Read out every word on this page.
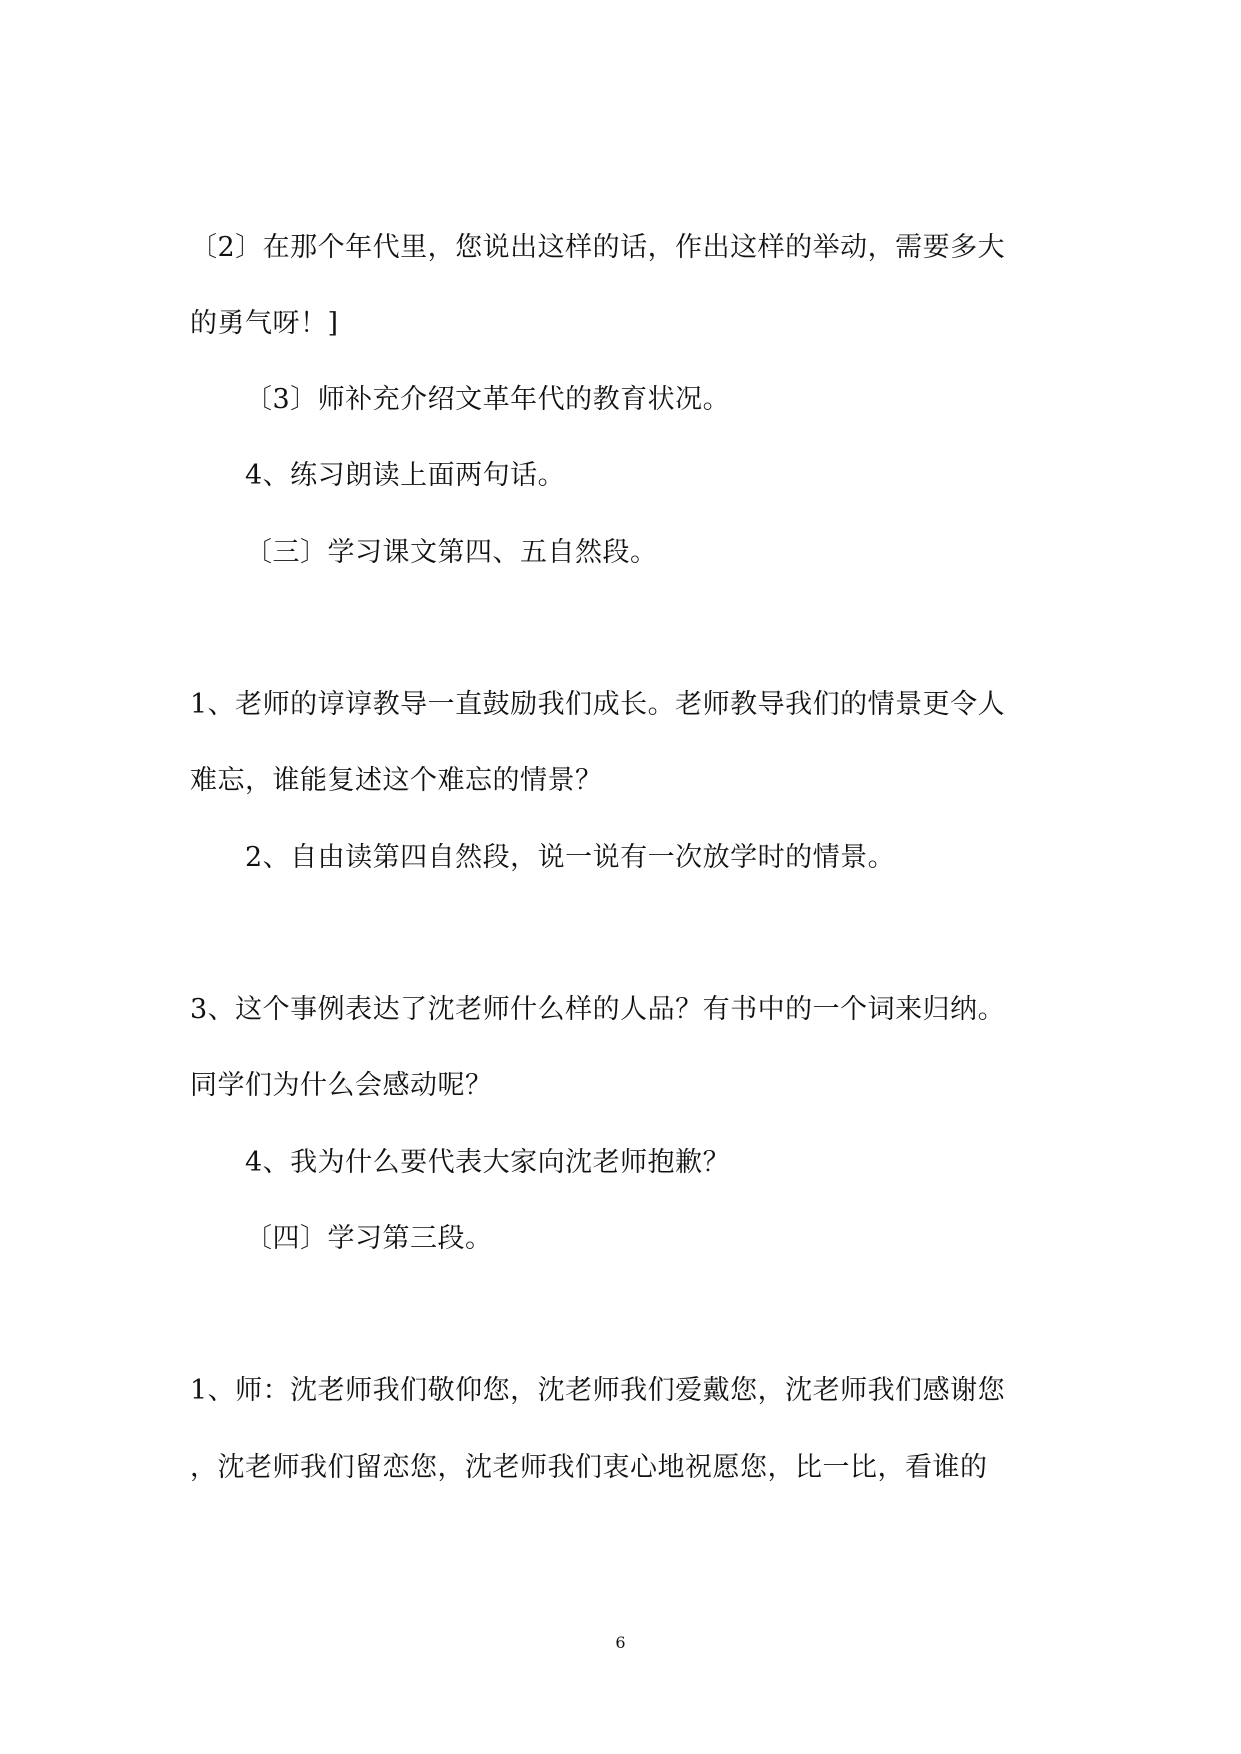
〔2〕在那个年代里，您说出这样的话，作出这样的举动，需要多大
的勇气呀！]
〔3〕师补充介绍文革年代的教育状况。
4、练习朗读上面两句话。
〔三〕学习课文第四、五自然段。
1、老师的谆谆教导一直鼓励我们成长。老师教导我们的情景更令人
难忘，谁能复述这个难忘的情景？
2、自由读第四自然段，说一说有一次放学时的情景。
3、这个事例表达了沈老师什么样的人品？有书中的一个词来归纳。
同学们为什么会感动呢？
4、我为什么要代表大家向沈老师抱歉？
〔四〕学习第三段。
1、师：沈老师我们敬仰您，沈老师我们爱戴您，沈老师我们感谢您
，沈老师我们留恋您，沈老师我们衷心地祝愿您，比一比，看谁的
6
